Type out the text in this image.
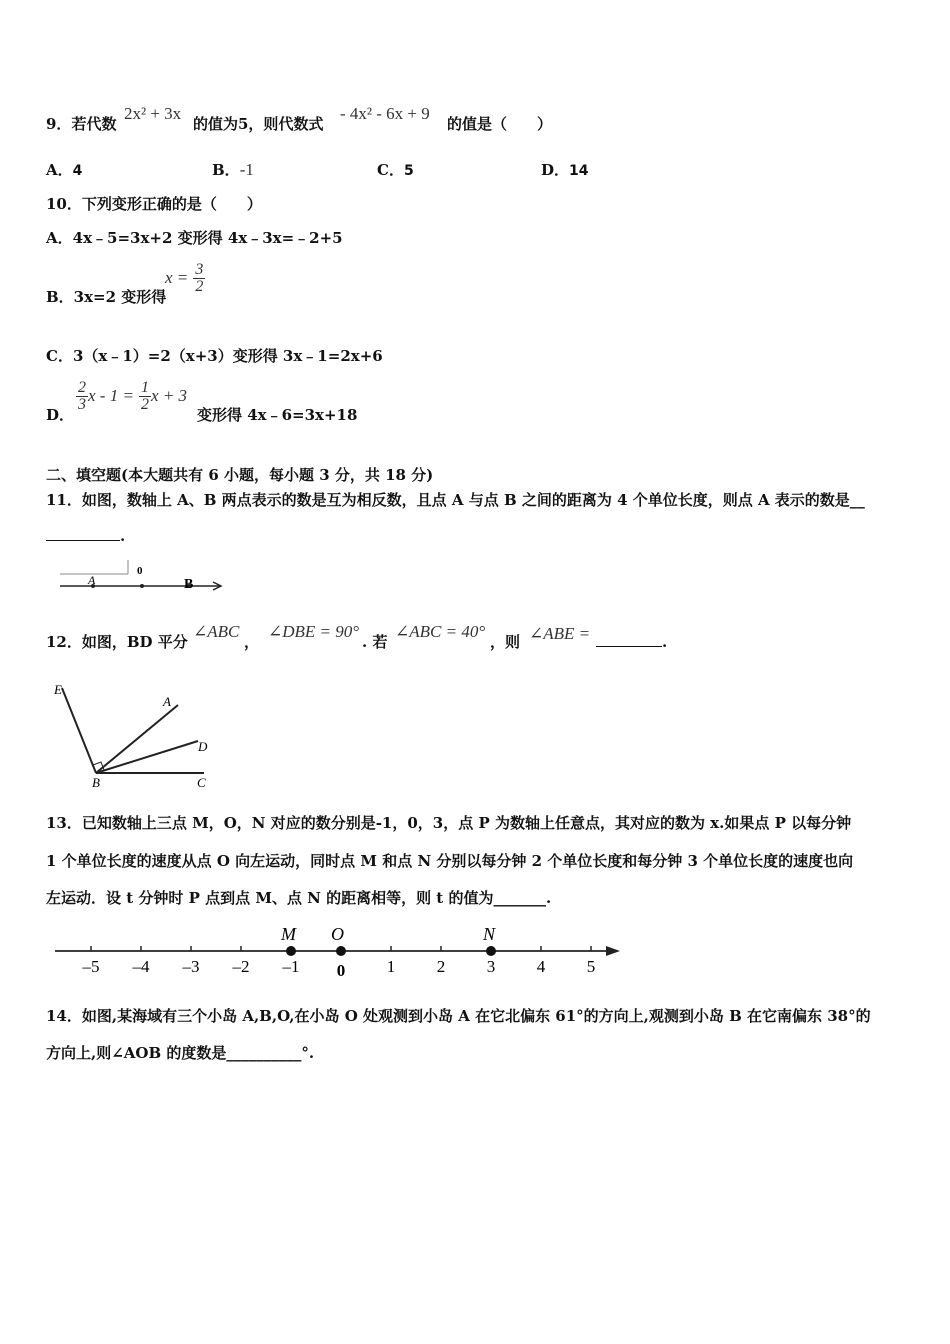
9．若代数
2x² + 3x
的值为5，则代数式
- 4x² - 6x + 9
的值是（　　）
A．4	B．-1	C．5	D．14
10．下列变形正确的是（　　）
A．4x﹣5=3x+2 变形得 4x﹣3x=﹣2+5
B．3x=2 变形得
$x = \frac{3}{2}$
C．3（x﹣1）=2（x+3）变形得 3x﹣1=2x+6
D．
$\frac{2}{3}$ $x - 1 = \frac{1}{2}$ x + 3
变形得 4x﹣6=3x+18
二、填空题(本大题共有 6 小题，每小题 3 分，共 18 分)
11．如图，数轴上 A、B 两点表示的数是互为相反数，且点 A 与点 B 之间的距离为 4 个单位长度，则点 A 表示的数是__
.
0
A	B
12．如图，BD 平分
∠ABC
，
∠DBE = 90°
. 若
∠ABC = 40°
，则 ∠ABE =	.
E
A
D
B	C
13．已知数轴上三点 M，O，N 对应的数分别是-1，0，3，点 P 为数轴上任意点，其对应的数为 x.如果点 P 以每分钟
1 个单位长度的速度从点 O 向左运动，同时点 M 和点 N 分别以每分钟 2 个单位长度和每分钟 3 个单位长度的速度也向
左运动．设 t 分钟时 P 点到点 M、点 N 的距离相等，则 t 的值为_______.
–5 –4 –3 –2 –1 0 1 2 3 4 5
M O	N
14．如图,某海域有三个小岛 A,B,O,在小岛 O 处观测到小岛 A 在它北偏东 61°的方向上,观测到小岛 B 在它南偏东 38°的
方向上,则∠AOB 的度数是__________°.
